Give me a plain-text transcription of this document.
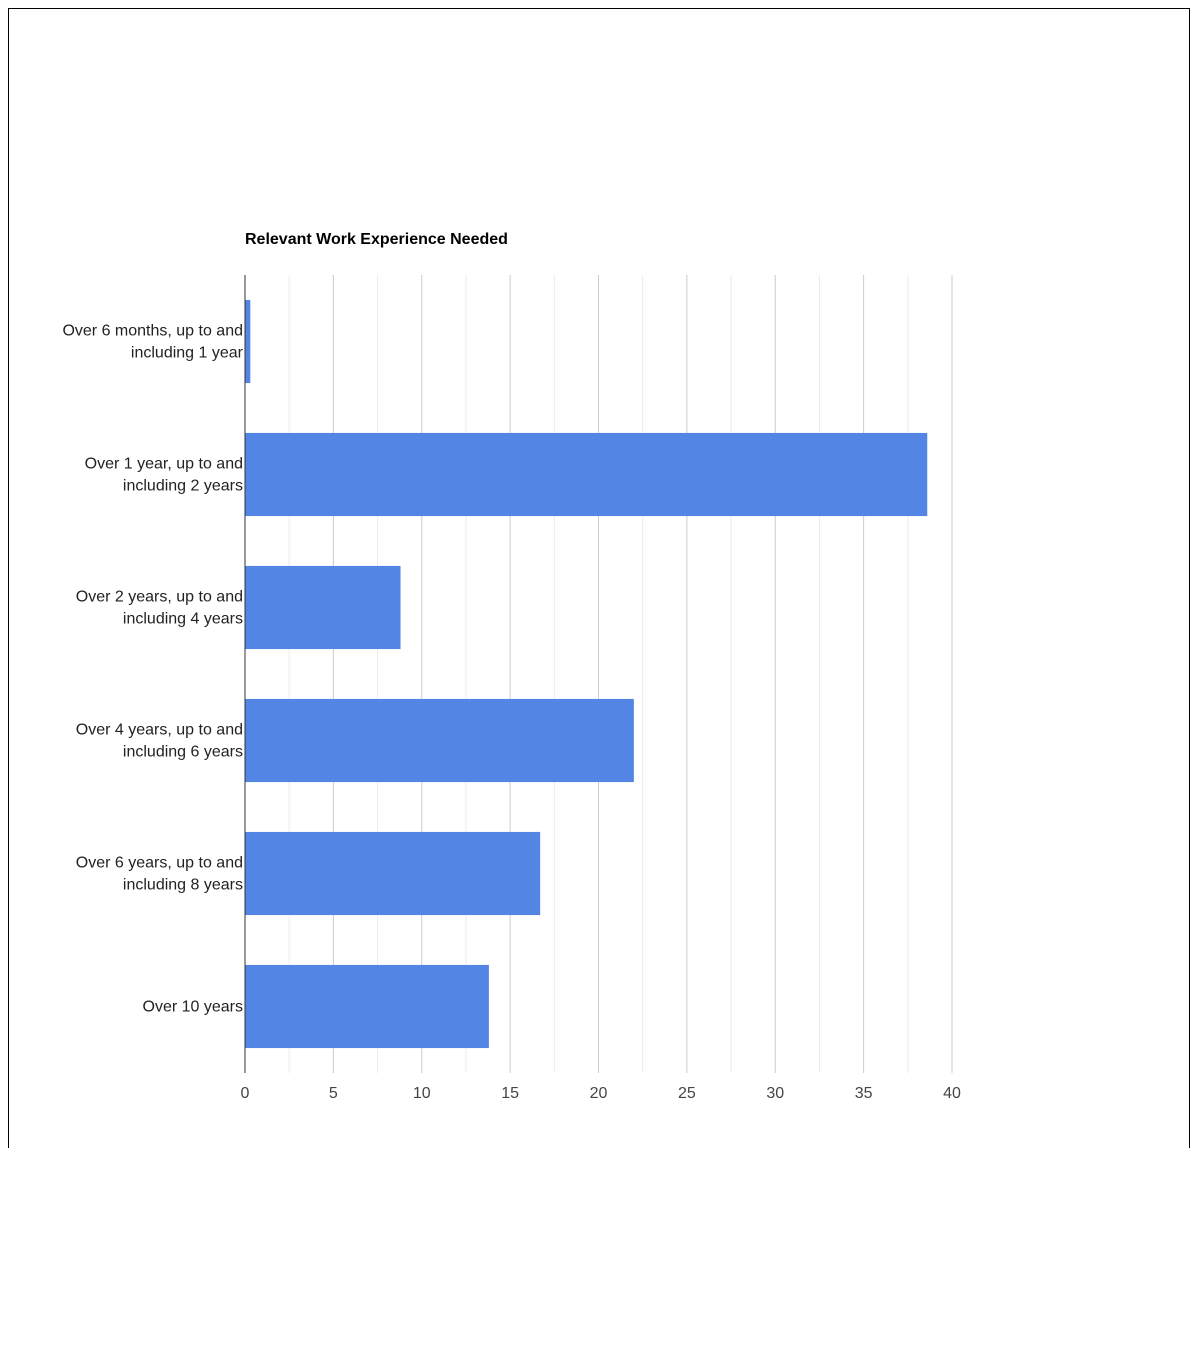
Relevant Work Experience Needed
Over 6 months, up to and including 1 year
Over 1 year, up to and including 2 years
Over 2 years, up to and including 4 years
Over 4 years, up to and including 6 years
Over 6 years, up to and including 8 years
Over 10 years
0	5	10	15	20	25	30	35	40
